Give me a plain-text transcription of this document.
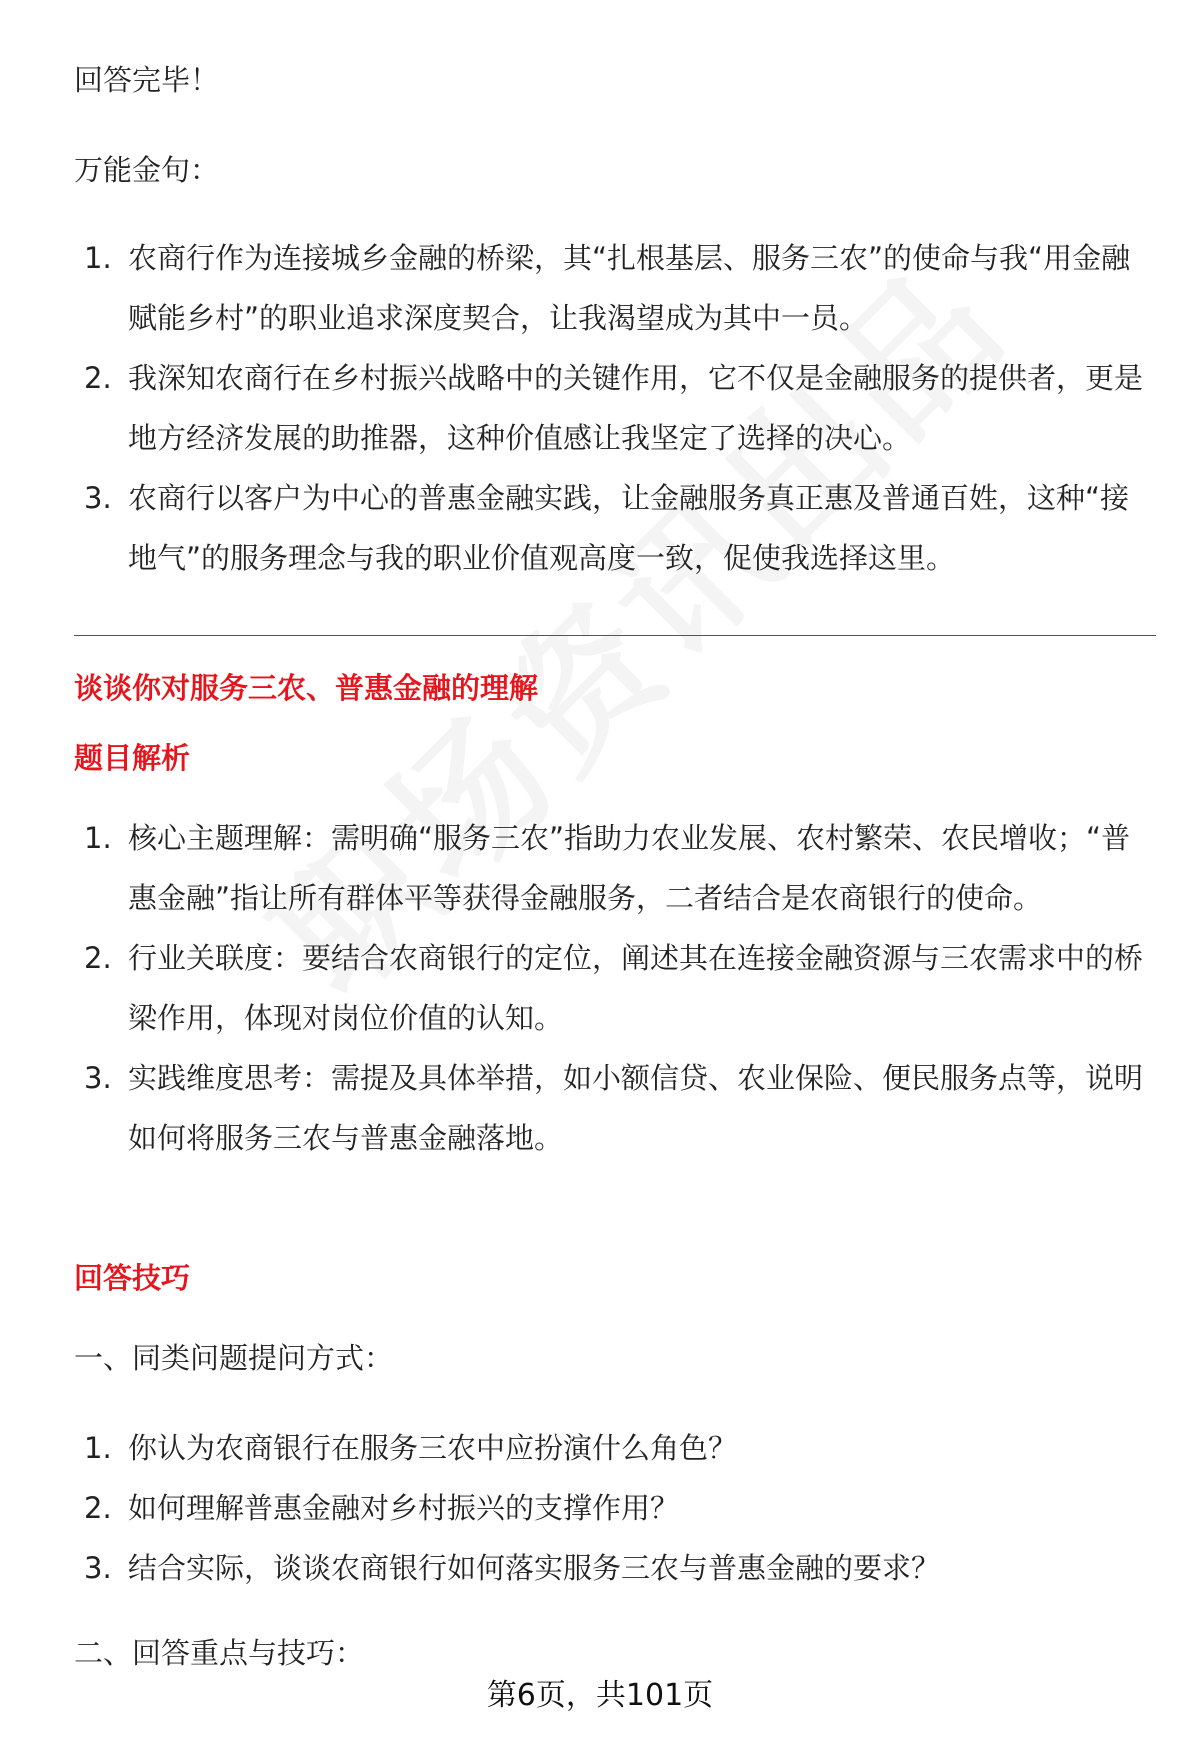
回答完毕！

万能金句：

1. 农商行作为连接城乡金融的桥梁，其“扎根基层、服务三农”的使命与我“用金融赋能乡村”的职业追求深度契合，让我渴望成为其中一员。
2. 我深知农商行在乡村振兴战略中的关键作用，它不仅是金融服务的提供者，更是地方经济发展的助推器，这种价值感让我坚定了选择的决心。
3. 农商行以客户为中心的普惠金融实践，让金融服务真正惠及普通百姓，这种“接地气”的服务理念与我的职业价值观高度一致，促使我选择这里。

谈谈你对服务三农、普惠金融的理解

题目解析

1. 核心主题理解：需明确“服务三农”指助力农业发展、农村繁荣、农民增收；“普惠金融”指让所有群体平等获得金融服务，二者结合是农商银行的使命。
2. 行业关联度：要结合农商银行的定位，阐述其在连接金融资源与三农需求中的桥梁作用，体现对岗位价值的认知。
3. 实践维度思考：需提及具体举措，如小额信贷、农业保险、便民服务点等，说明如何将服务三农与普惠金融落地。

回答技巧

一、同类问题提问方式：

1. 你认为农商银行在服务三农中应扮演什么角色？
2. 如何理解普惠金融对乡村振兴的支撑作用？
3. 结合实际，谈谈农商银行如何落实服务三农与普惠金融的要求？

二、回答重点与技巧：

第6页，共101页
